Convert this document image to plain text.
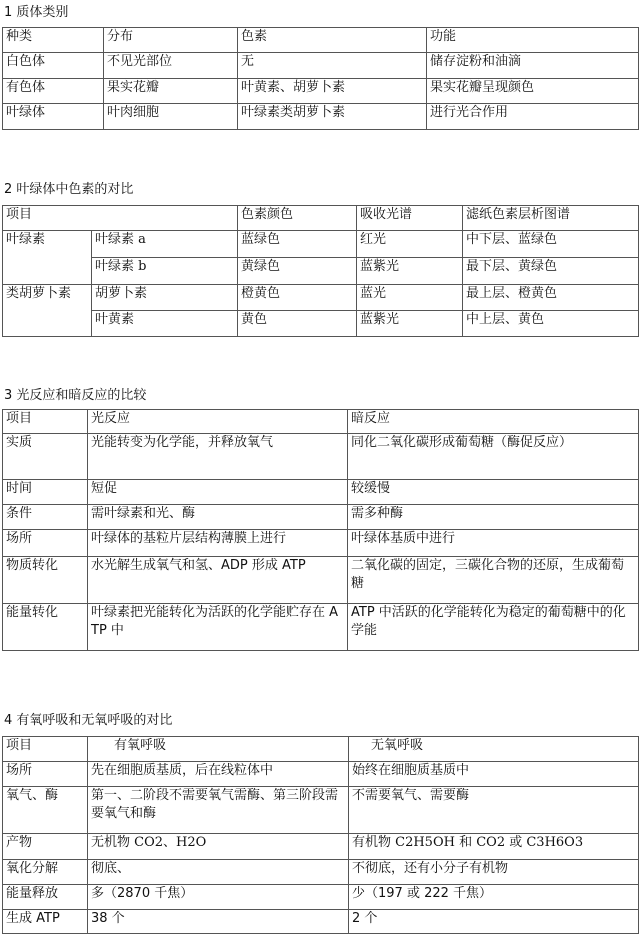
1 质体类别
种类	分布	色素	功能
白色体	不见光部位	无	储存淀粉和油滴
有色体	果实花瓣	叶黄素、胡萝卜素	果实花瓣呈现颜色
叶绿体	叶肉细胞	叶绿素类胡萝卜素	进行光合作用
2 叶绿体中色素的对比
项目		色素颜色	吸收光谱	滤纸色素层析图谱
叶绿素	叶绿素 a	蓝绿色	红光	中下层、蓝绿色
	叶绿素 b	黄绿色	蓝紫光	最下层、黄绿色
类胡萝卜素	胡萝卜素	橙黄色	蓝光	最上层、橙黄色
	叶黄素	黄色	蓝紫光	中上层、黄色
3 光反应和暗反应的比较
项目	光反应	暗反应
实质	光能转变为化学能，并释放氧气	同化二氧化碳形成葡萄糖（酶促反应）
时间	短促	较缓慢
条件	需叶绿素和光、酶	需多种酶
场所	叶绿体的基粒片层结构薄膜上进行	叶绿体基质中进行
物质转化	水光解生成氧气和氢、ADP 形成 ATP	二氧化碳的固定，三碳化合物的还原，生成葡萄糖
能量转化	叶绿素把光能转化为活跃的化学能贮存在 ATP 中	ATP 中活跃的化学能转化为稳定的葡萄糖中的化学能
4 有氧呼吸和无氧呼吸的对比
项目	有氧呼吸	无氧呼吸
场所	先在细胞质基质，后在线粒体中	始终在细胞质基质中
氧气、酶	第一、二阶段不需要氧气需酶、第三阶段需要氧气和酶	不需要氧气、需要酶
产物	无机物 CO2、H2O	有机物 C2H5OH 和 CO2 或 C3H6O3
氧化分解	彻底、	不彻底，还有小分子有机物
能量释放	多（2870 千焦）	少（197 或 222 千焦）
生成 ATP	38 个	2 个
